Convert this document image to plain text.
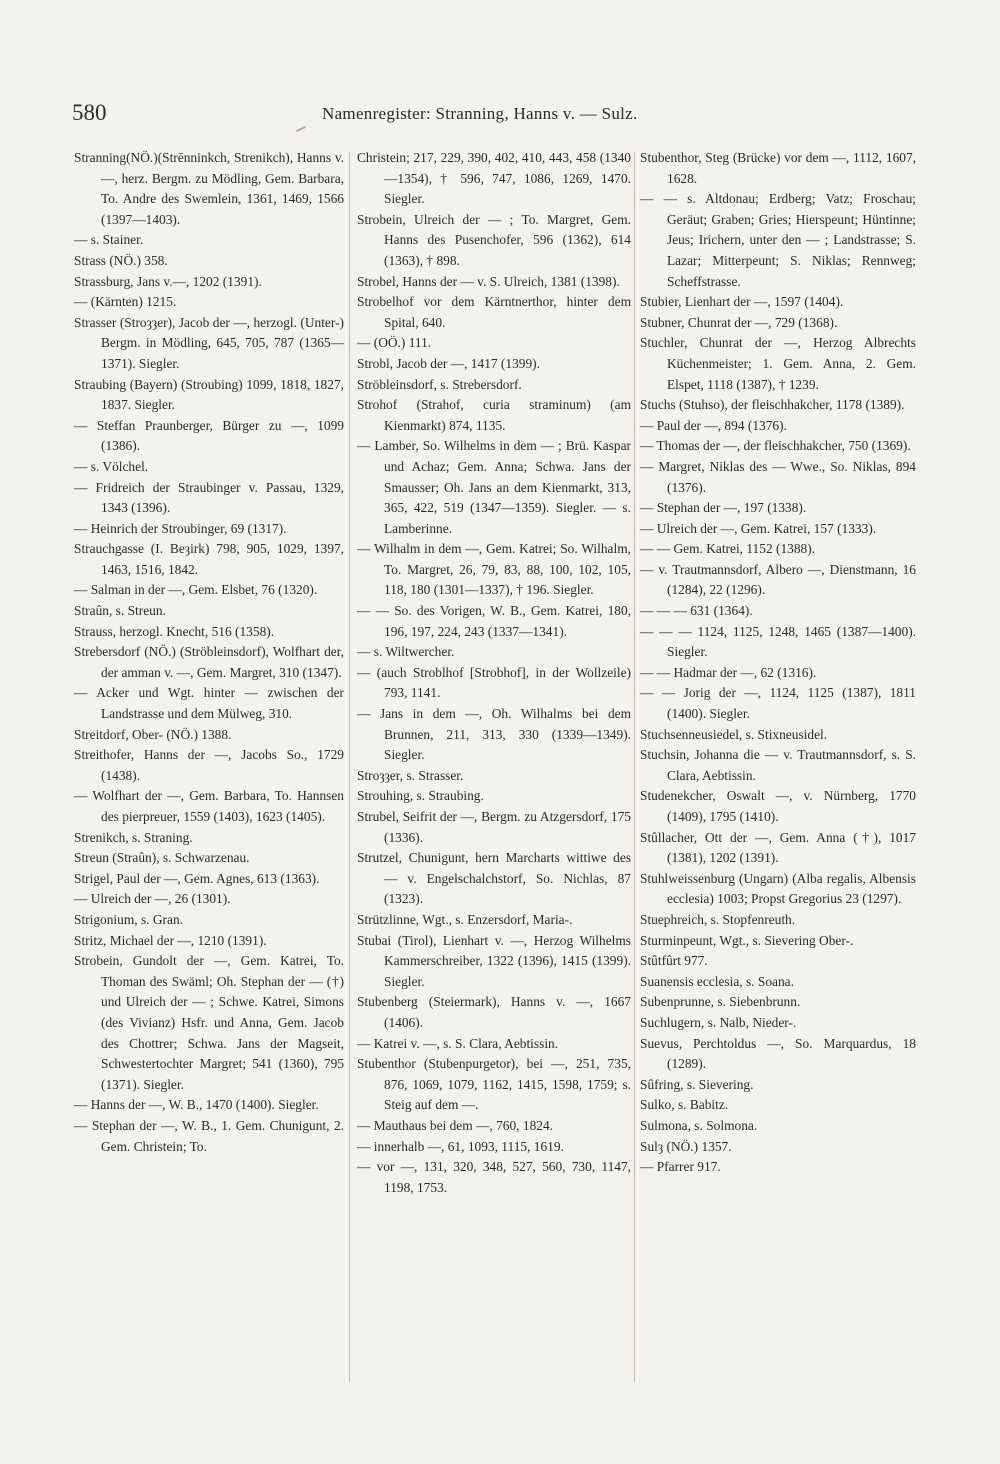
580	Namenregister: Stranning, Hanns v. — Sulz.

Stranning(NÖ.)(Strēnninkch, Strenikch), Hanns v. —, herz. Bergm. zu Mödling, Gem. Barbara, To. Andre des Swemlein, 1361, 1469, 1566 (1397—1403).

— s. Stainer.

Strass (NÖ.) 358.

Strassburg, Jans v.—, 1202 (1391).

— (Kärnten) 1215.

Strasser (Stroȝȝer), Jacob der —, herzogl. (Unter-) Bergm. in Mödling, 645, 705, 787 (1365—1371). Siegler.

Straubing (Bayern) (Stroubing) 1099, 1818, 1827, 1837. Siegler.

— Steffan Praunberger, Bürger zu —, 1099 (1386).

— s. Völchel.

— Fridreich der Straubinger v. Passau, 1329, 1343 (1396).

— Heinrich der Stroubinger, 69 (1317).

Strauchgasse (I. Beȝirk) 798, 905, 1029, 1397, 1463, 1516, 1842.

— Salman in der —, Gem. Elsbet, 76 (1320).

Straûn, s. Streun.

Strauss, herzogl. Knecht, 516 (1358).

Strebersdorf (NÖ.) (Ströbleinsdorf), Wolfhart der, der amman v. —, Gem. Margret, 310 (1347).

— Acker und Wgt. hinter — zwischen der Landstrasse und dem Mülweg, 310.

Streitdorf, Ober- (NÖ.) 1388.

Streithofer, Hanns der —, Jacobs So., 1729 (1438).

— Wolfhart der —, Gem. Barbara, To. Hannsen des pierpreuer, 1559 (1403), 1623 (1405).

Strenikch, s. Straning.

Streun (Straûn), s. Schwarzenau.

Strigel, Paul der —, Gem. Agnes, 613 (1363).

— Ulreich der —, 26 (1301).

Strigonium, s. Gran.

Stritz, Michael der —, 1210 (1391).

Strobein, Gundolt der —, Gem. Katrei, To. Thoman des Swäml; Oh. Stephan der — (†) und Ulreich der — ; Schwe. Katrei, Simons (des Vivianz) Hsfr. und Anna, Gem. Jacob des Chottrer; Schwa. Jans der Magseit, Schwestertochter Margret; 541 (1360), 795 (1371). Siegler.

— Hanns der —, W. B., 1470 (1400). Siegler.

— Stephan der —, W. B., 1. Gem. Chunigunt, 2. Gem. Christein; To.

Christein; 217, 229, 390, 402, 410, 443, 458 (1340—1354), † 596, 747, 1086, 1269, 1470. Siegler.

Strobein, Ulreich der — ; To. Margret, Gem. Hanns des Pusenchofer, 596 (1362), 614 (1363), † 898.

Strobel, Hanns der — v. S. Ulreich, 1381 (1398).

Strobelhof vor dem Kärntnerthor, hinter dem Spital, 640.

— (OÖ.) 111.

Strobl, Jacob der —, 1417 (1399).

Ströbleinsdorf, s. Strebersdorf.

Strohof (Strahof, curia straminum) (am Kienmarkt) 874, 1135.

— Lamber, So. Wilhelms in dem — ; Brü. Kaspar und Achaz; Gem. Anna; Schwa. Jans der Smausser; Oh. Jans an dem Kienmarkt, 313, 365, 422, 519 (1347—1359). Siegler. — s. Lamberinne.

— Wilhalm in dem —, Gem. Katrei; So. Wilhalm, To. Margret, 26, 79, 83, 88, 100, 102, 105, 118, 180 (1301—1337), † 196. Siegler.

— — So. des Vorigen, W. B., Gem. Katrei, 180, 196, 197, 224, 243 (1337—1341).

— s. Wiltwercher.

— (auch Stroblhof [Strobhof], in der Wollzeile) 793, 1141.

— Jans in dem —, Oh. Wilhalms bei dem Brunnen, 211, 313, 330 (1339—1349). Siegler.

Stroȝȝer, s. Strasser.

Strouhing, s. Straubing.

Strubel, Seifrit der —, Bergm. zu Atzgersdorf, 175 (1336).

Strutzel, Chunigunt, hern Marcharts wittiwe des — v. Engelschalchstorf, So. Nichlas, 87 (1323).

Strützlinne, Wgt., s. Enzersdorf, Maria-.

Stubai (Tirol), Lienhart v. —, Herzog Wilhelms Kammerschreiber, 1322 (1396), 1415 (1399). Siegler.

Stubenberg (Steiermark), Hanns v. —, 1667 (1406).

— Katrei v. —, s. S. Clara, Aebtissin.

Stubenthor (Stubenpurgetor), bei —, 251, 735, 876, 1069, 1079, 1162, 1415, 1598, 1759; s. Steig auf dem —.

— Mauthaus bei dem —, 760, 1824.

— innerhalb —, 61, 1093, 1115, 1619.

— vor —, 131, 320, 348, 527, 560, 730, 1147, 1198, 1753.

Stubenthor, Steg (Brücke) vor dem —, 1112, 1607, 1628.

— — s. Altdonau; Erdberg; Vatz; Froschau; Geräut; Graben; Gries; Hierspeunt; Hüntinne; Jeus; Irichern, unter den — ; Landstrasse; S. Lazar; Mitterpeunt; S. Niklas; Rennweg; Scheffstrasse.

Stubier, Lienhart der —, 1597 (1404).

Stubner, Chunrat der —, 729 (1368).

Stuchler, Chunrat der —, Herzog Albrechts Küchenmeister; 1. Gem. Anna, 2. Gem. Elspet, 1118 (1387), † 1239.

Stuchs (Stuhso), der fleischhakcher, 1178 (1389).

— Paul der —, 894 (1376).

— Thomas der —, der fleischhakcher, 750 (1369).

— Margret, Niklas des — Wwe., So. Niklas, 894 (1376).

— Stephan der —, 197 (1338).

— Ulreich der —, Gem. Katrei, 157 (1333).

— — Gem. Katrei, 1152 (1388).

— v. Trautmannsdorf, Albero —, Dienstmann, 16 (1284), 22 (1296).

— — — 631 (1364).

— — — 1124, 1125, 1248, 1465 (1387—1400). Siegler.

— — Hadmar der —, 62 (1316).

— — Jorig der —, 1124, 1125 (1387), 1811 (1400). Siegler.

Stuchsenneusiedel, s. Stixneusidel.

Stuchsin, Johanna die — v. Trautmannsdorf, s. S. Clara, Aebtissin.

Studenekcher, Oswalt —, v. Nürnberg, 1770 (1409), 1795 (1410).

Stûllacher, Ott der —, Gem. Anna (†), 1017 (1381), 1202 (1391).

Stuhlweissenburg (Ungarn) (Alba regalis, Albensis ecclesia) 1003; Propst Gregorius 23 (1297).

Stuephreich, s. Stopfenreuth.

Sturminpeunt, Wgt., s. Sievering Ober-.

Stûtfûrt 977.

Suanensis ecclesia, s. Soana.

Subenprunne, s. Siebenbrunn.

Suchlugern, s. Nalb, Nieder-.

Suevus, Perchtoldus —, So. Marquardus, 18 (1289).

Sûfring, s. Sievering.

Sulko, s. Babitz.

Sulmona, s. Solmona.

Sulȝ (NÖ.) 1357.

— Pfarrer 917.
